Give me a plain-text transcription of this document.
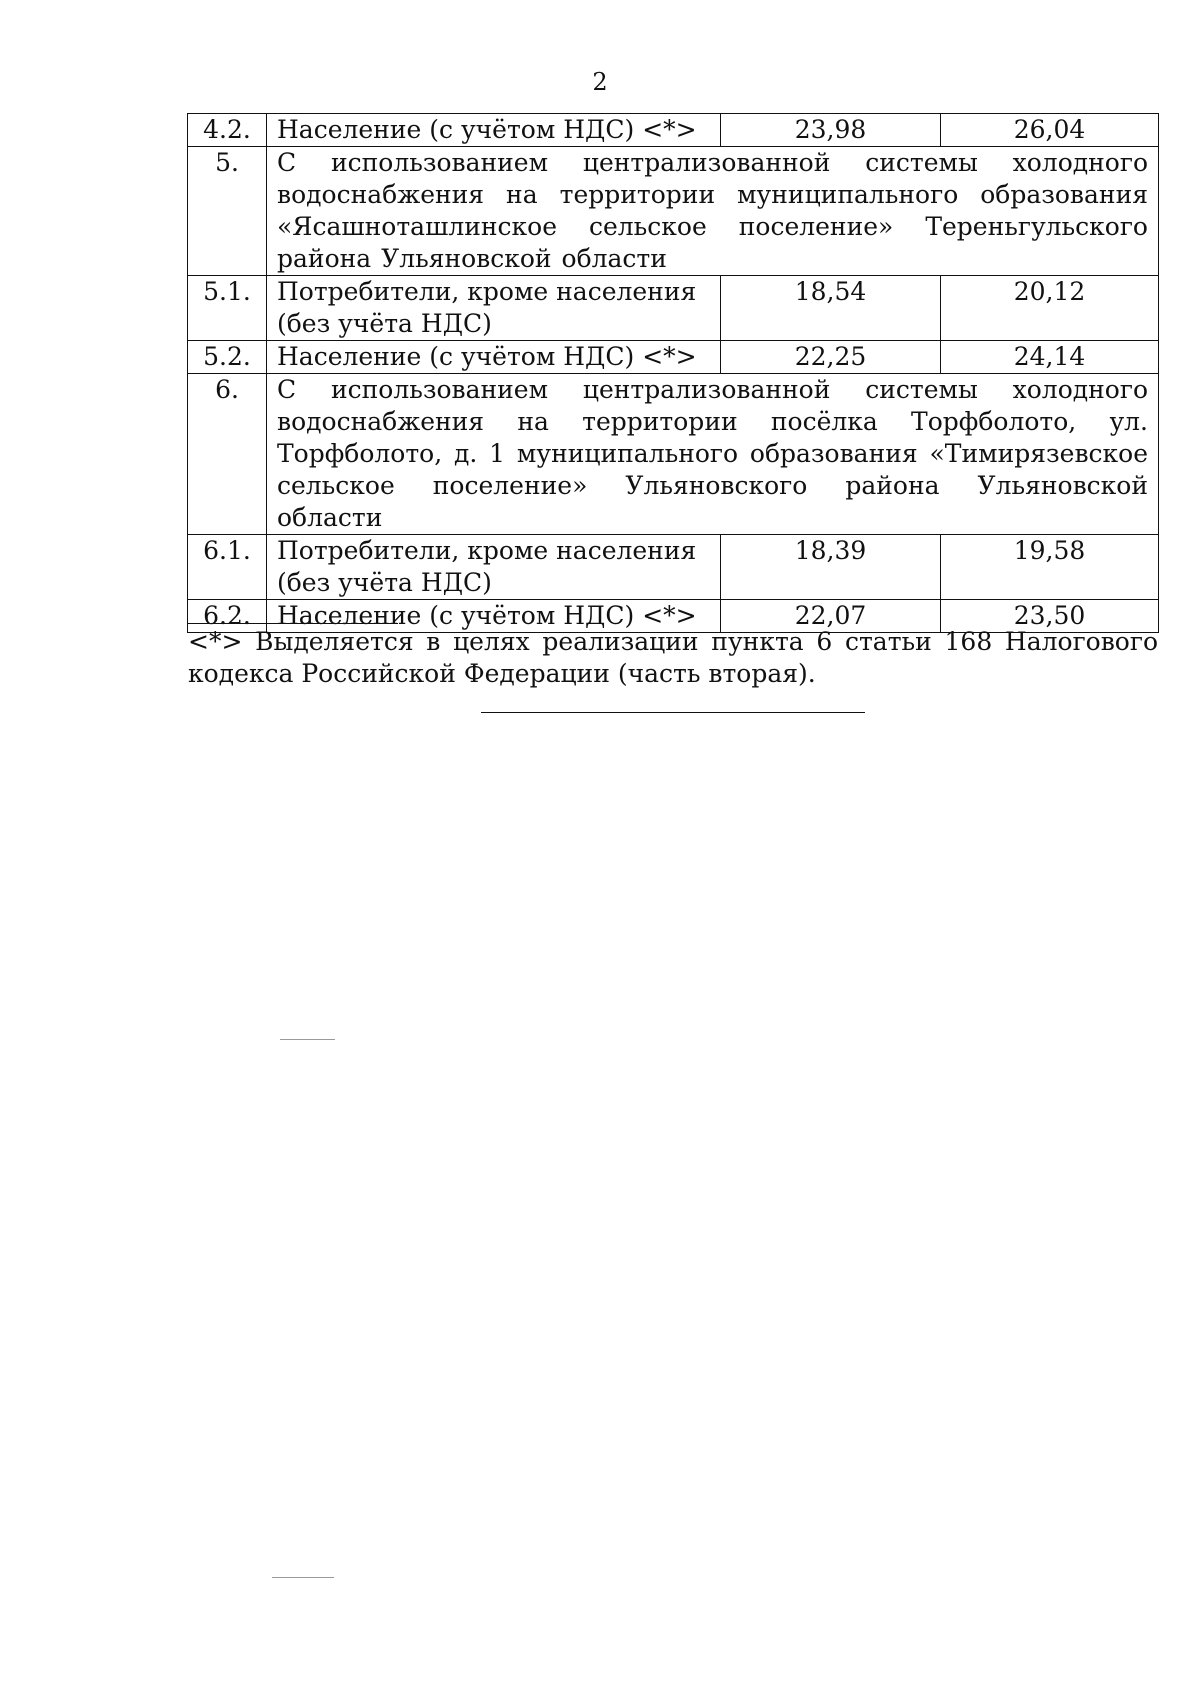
2
4.2.	Население (с учётом НДС) <*>	23,98	26,04
5.	С использованием централизованной системы холодного водоснабжения на территории муниципального образования «Ясашноташлинское сельское поселение» Тереньгульского района Ульяновской области		
5.1.	Потребители, кроме населения (без учёта НДС)	18,54	20,12
5.2.	Население (с учётом НДС) <*>	22,25	24,14
6.	С использованием централизованной системы холодного водоснабжения на территории посёлка Торфболото, ул. Торфболото, д. 1 муниципального образования «Тимирязевское сельское поселение» Ульяновского района Ульяновской области		
6.1.	Потребители, кроме населения (без учёта НДС)	18,39	19,58
6.2.	Население (с учётом НДС) <*>	22,07	23,50
<*> Выделяется в целях реализации пункта 6 статьи 168 Налогового кодекса Российской Федерации (часть вторая).
